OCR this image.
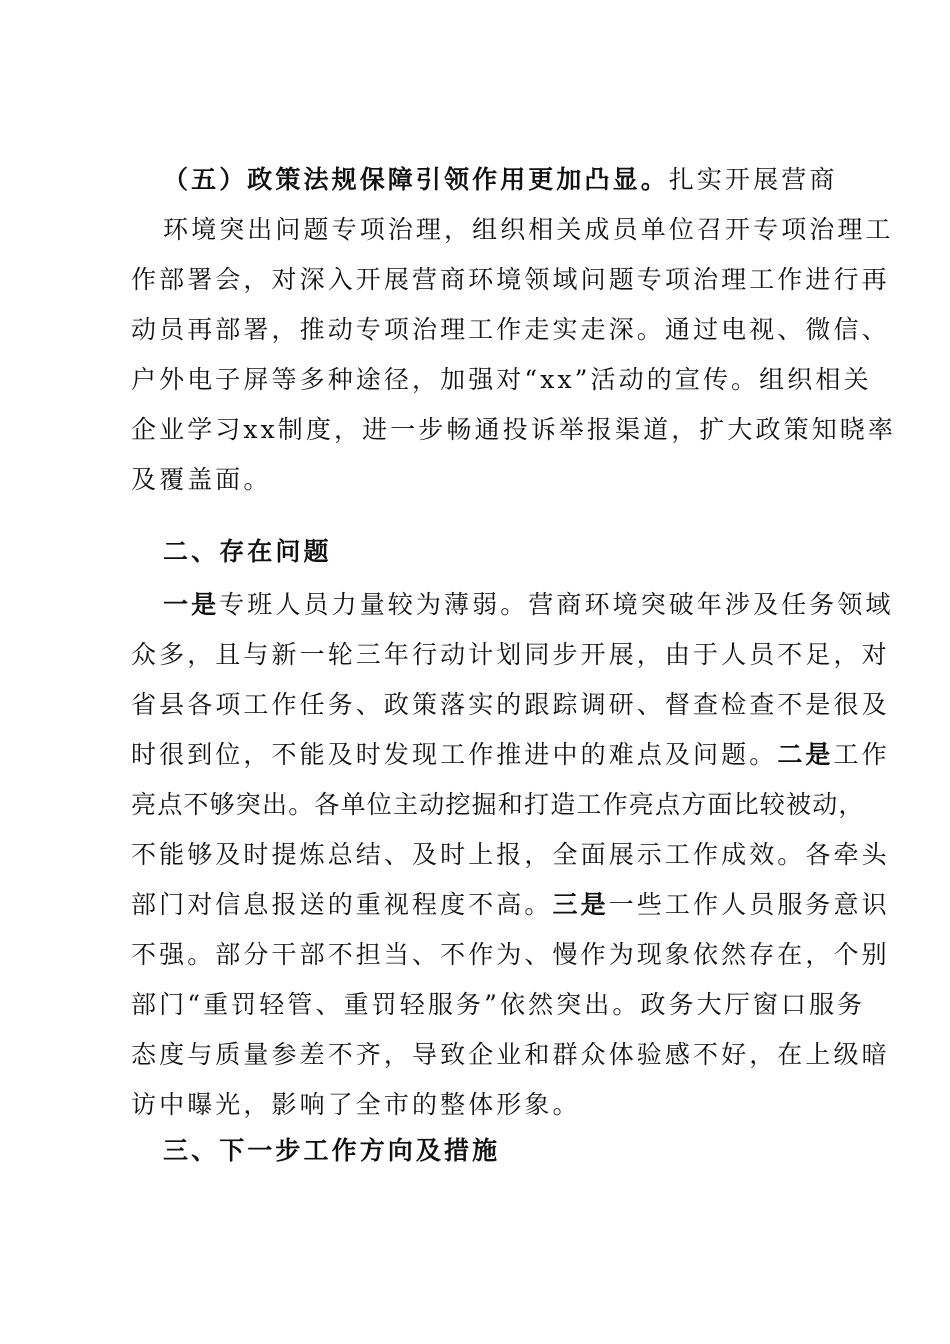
（五）政策法规保障引领作用更加凸显。扎实开展营商
环境突出问题专项治理，组织相关成员单位召开专项治理工
作部署会，对深入开展营商环境领域问题专项治理工作进行再
动员再部署，推动专项治理工作走实走深。通过电视、微信、
户外电子屏等多种途径，加强对“xx”活动的宣传。组织相关
企业学习xx制度，进一步畅通投诉举报渠道，扩大政策知晓率
及覆盖面。
二、存在问题
一是专班人员力量较为薄弱。营商环境突破年涉及任务领域
众多，且与新一轮三年行动计划同步开展，由于人员不足，对
省县各项工作任务、政策落实的跟踪调研、督查检查不是很及
时很到位，不能及时发现工作推进中的难点及问题。二是工作
亮点不够突出。各单位主动挖掘和打造工作亮点方面比较被动，
不能够及时提炼总结、及时上报，全面展示工作成效。各牵头
部门对信息报送的重视程度不高。三是一些工作人员服务意识
不强。部分干部不担当、不作为、慢作为现象依然存在，个别
部门“重罚轻管、重罚轻服务”依然突出。政务大厅窗口服务
态度与质量参差不齐，导致企业和群众体验感不好，在上级暗
访中曝光，影响了全市的整体形象。
三、下一步工作方向及措施
